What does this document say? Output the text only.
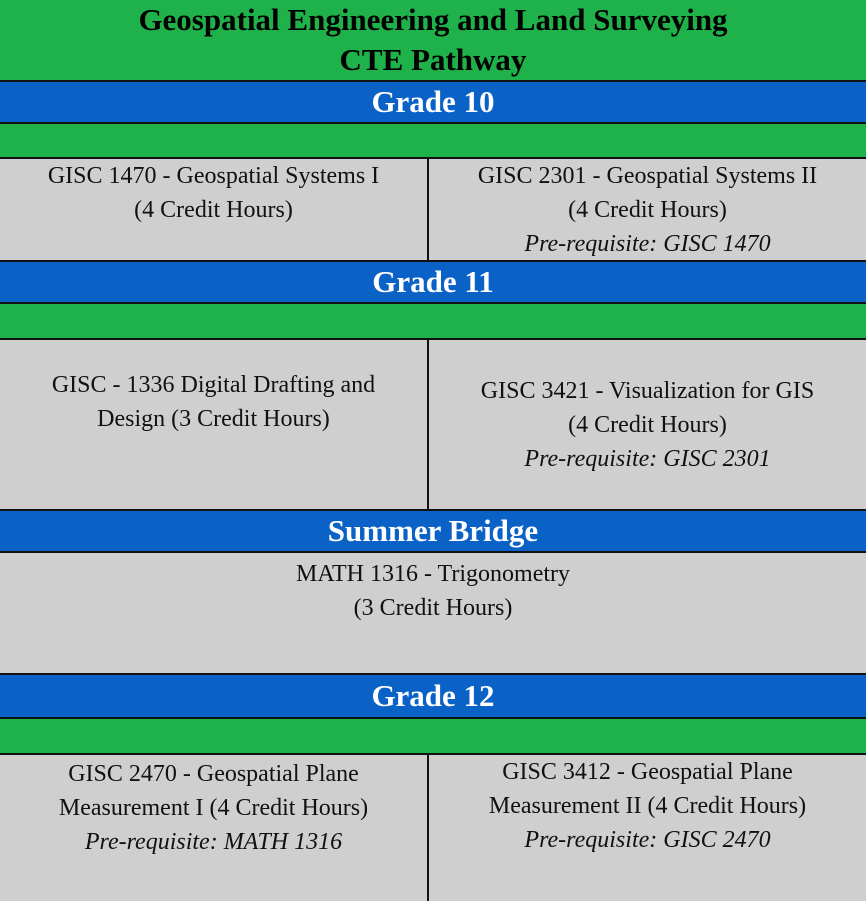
Geospatial Engineering and Land Surveying
CTE Pathway
Grade 10
GISC 1470 - Geospatial Systems I
(4 Credit Hours)
GISC 2301 - Geospatial Systems II
(4 Credit Hours)
Pre-requisite: GISC 1470
Grade 11
GISC - 1336 Digital Drafting and
Design (3 Credit Hours)
GISC 3421 - Visualization for GIS
(4 Credit Hours)
Pre-requisite: GISC 2301
Summer Bridge
MATH 1316 - Trigonometry
(3 Credit Hours)
Grade 12
GISC 2470 - Geospatial Plane
Measurement I (4 Credit Hours)
Pre-requisite: MATH 1316
GISC 3412 - Geospatial Plane
Measurement II (4 Credit Hours)
Pre-requisite: GISC 2470
